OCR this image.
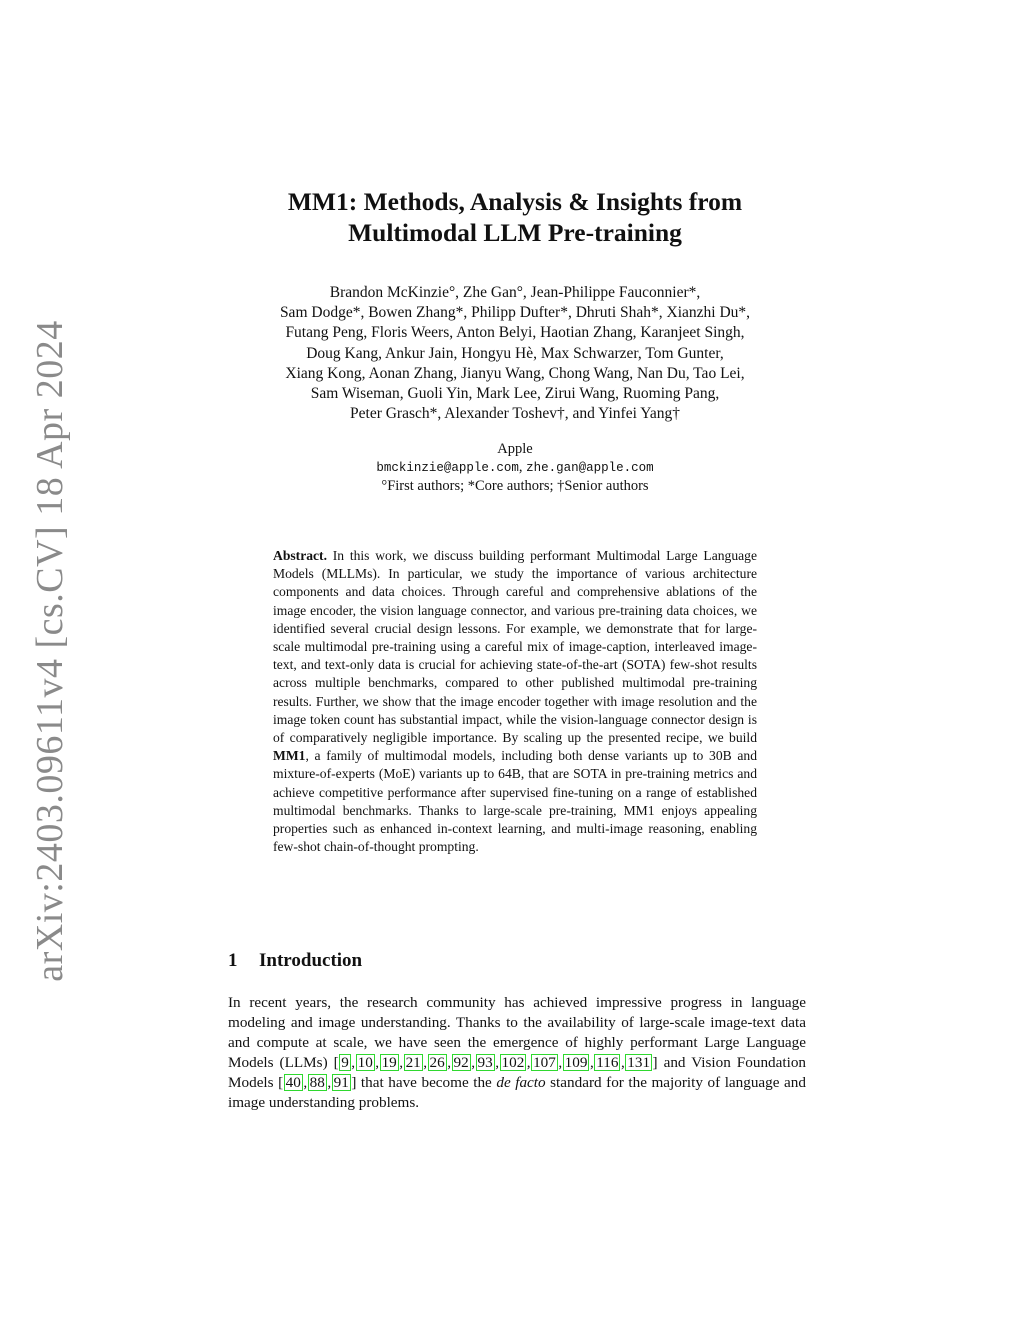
arXiv:2403.09611v4 [cs.CV] 18 Apr 2024
MM1: Methods, Analysis & Insights from
Multimodal LLM Pre-training
Brandon McKinzie°, Zhe Gan°, Jean-Philippe Fauconnier*,
Sam Dodge*, Bowen Zhang*, Philipp Dufter*, Dhruti Shah*, Xianzhi Du*,
Futang Peng, Floris Weers, Anton Belyi, Haotian Zhang, Karanjeet Singh,
Doug Kang, Ankur Jain, Hongyu Hè, Max Schwarzer, Tom Gunter,
Xiang Kong, Aonan Zhang, Jianyu Wang, Chong Wang, Nan Du, Tao Lei,
Sam Wiseman, Guoli Yin, Mark Lee, Zirui Wang, Ruoming Pang,
Peter Grasch*, Alexander Toshev†, and Yinfei Yang†
Apple
bmckinzie@apple.com, zhe.gan@apple.com
°First authors; *Core authors; †Senior authors
Abstract. In this work, we discuss building performant Multimodal Large Language Models (MLLMs). In particular, we study the importance of various architecture components and data choices. Through careful and comprehensive ablations of the image encoder, the vision language connector, and various pre-training data choices, we identified several crucial design lessons. For example, we demonstrate that for large-scale multimodal pre-training using a careful mix of image-caption, interleaved image-text, and text-only data is crucial for achieving state-of-the-art (SOTA) few-shot results across multiple benchmarks, compared to other published multimodal pre-training results. Further, we show that the image encoder together with image resolution and the image token count has substantial impact, while the vision-language connector design is of comparatively negligible importance. By scaling up the presented recipe, we build MM1, a family of multimodal models, including both dense variants up to 30B and mixture-of-experts (MoE) variants up to 64B, that are SOTA in pre-training metrics and achieve competitive performance after supervised fine-tuning on a range of established multimodal benchmarks. Thanks to large-scale pre-training, MM1 enjoys appealing properties such as enhanced in-context learning, and multi-image reasoning, enabling few-shot chain-of-thought prompting.
1 Introduction
In recent years, the research community has achieved impressive progress in language modeling and image understanding. Thanks to the availability of large-scale image-text data and compute at scale, we have seen the emergence of highly performant Large Language Models (LLMs) [ 9 , 10 , 19 , 21 , 26 , 92 , 93 , 102 , 107 , 109 , 116 , 131 ] and Vision Foundation Models [ 40 , 88 , 91 ] that have become the de facto standard for the majority of language and image understanding problems.
